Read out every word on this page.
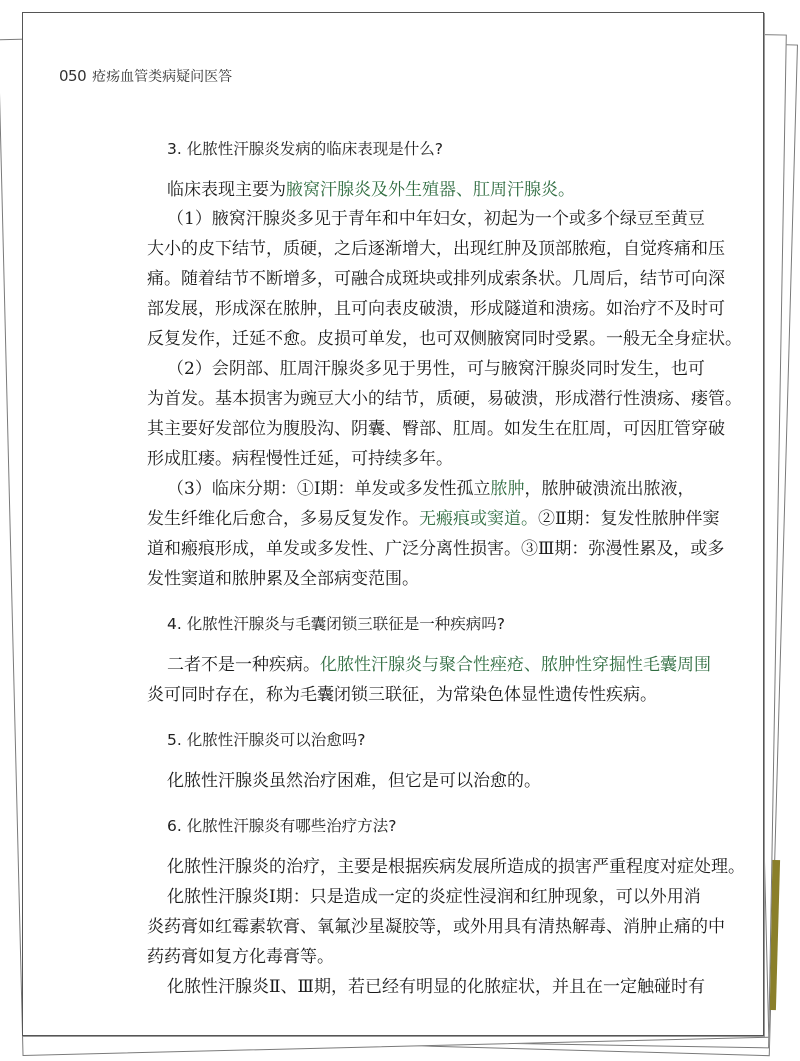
050 疮疡血管类病疑问医答
3. 化脓性汗腺炎发病的临床表现是什么?
临床表现主要为腋窝汗腺炎及外生殖器、肛周汗腺炎。
（1）腋窝汗腺炎多见于青年和中年妇女，初起为一个或多个绿豆至黄豆
大小的皮下结节，质硬，之后逐渐增大，出现红肿及顶部脓疱，自觉疼痛和压
痛。随着结节不断增多，可融合成斑块或排列成索条状。几周后，结节可向深
部发展，形成深在脓肿，且可向表皮破溃，形成隧道和溃疡。如治疗不及时可
反复发作，迁延不愈。皮损可单发，也可双侧腋窝同时受累。一般无全身症状。
（2）会阴部、肛周汗腺炎多见于男性，可与腋窝汗腺炎同时发生，也可
为首发。基本损害为豌豆大小的结节，质硬，易破溃，形成潜行性溃疡、瘘管。
其主要好发部位为腹股沟、阴囊、臀部、肛周。如发生在肛周，可因肛管穿破
形成肛瘘。病程慢性迁延，可持续多年。
（3）临床分期：①Ⅰ期：单发或多发性孤立脓肿，脓肿破溃流出脓液，
发生纤维化后愈合，多易反复发作。无瘢痕或窦道。②Ⅱ期：复发性脓肿伴窦
道和瘢痕形成，单发或多发性、广泛分离性损害。③Ⅲ期：弥漫性累及，或多
发性窦道和脓肿累及全部病变范围。
4. 化脓性汗腺炎与毛囊闭锁三联征是一种疾病吗?
二者不是一种疾病。化脓性汗腺炎与聚合性痤疮、脓肿性穿掘性毛囊周围
炎可同时存在，称为毛囊闭锁三联征，为常染色体显性遗传性疾病。
5. 化脓性汗腺炎可以治愈吗?
化脓性汗腺炎虽然治疗困难，但它是可以治愈的。
6. 化脓性汗腺炎有哪些治疗方法?
化脓性汗腺炎的治疗，主要是根据疾病发展所造成的损害严重程度对症处理。
化脓性汗腺炎Ⅰ期：只是造成一定的炎症性浸润和红肿现象，可以外用消
炎药膏如红霉素软膏、氧氟沙星凝胶等，或外用具有清热解毒、消肿止痛的中
药药膏如复方化毒膏等。
化脓性汗腺炎Ⅱ、Ⅲ期，若已经有明显的化脓症状，并且在一定触碰时有
